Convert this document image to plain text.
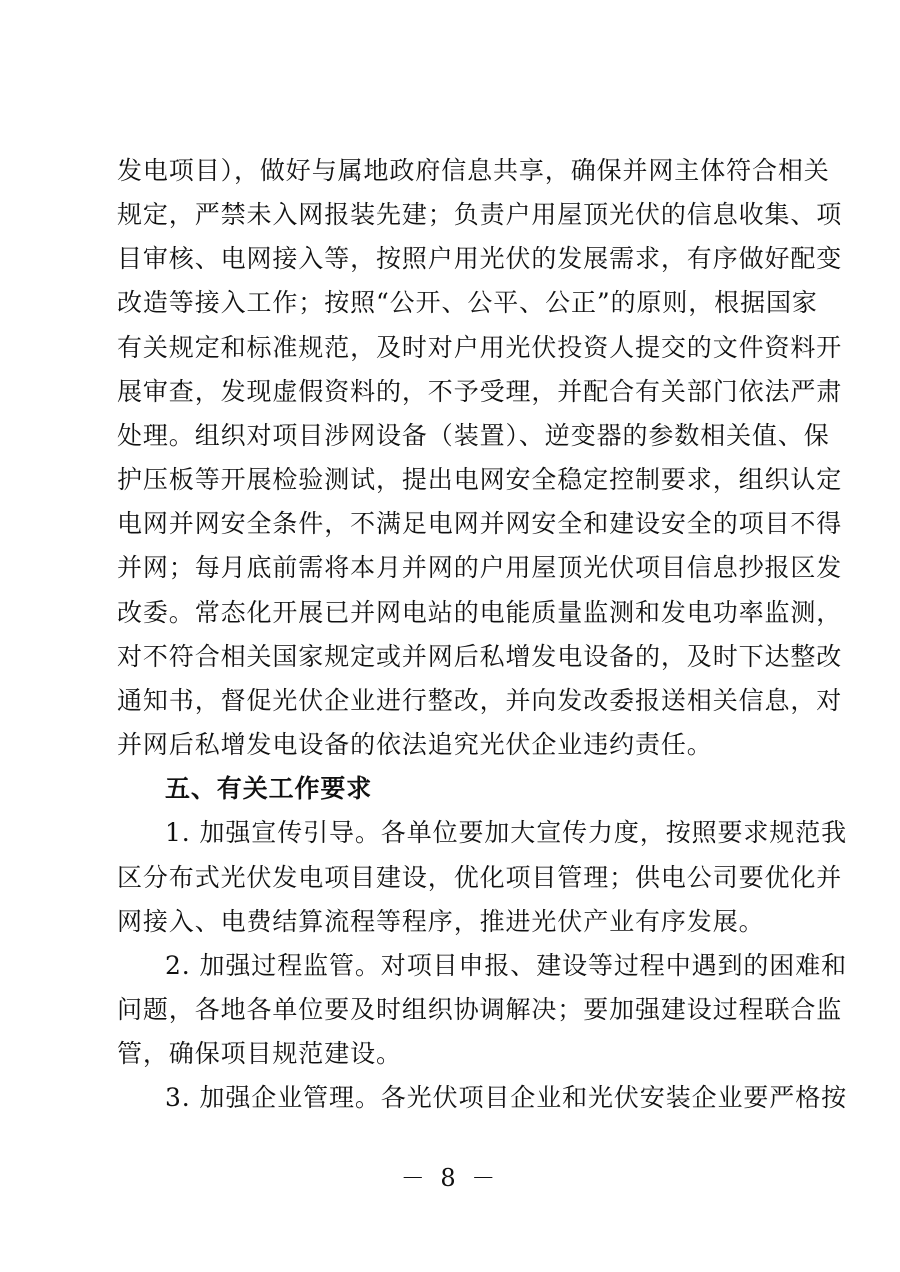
发电项目），做好与属地政府信息共享，确保并网主体符合相关
规定，严禁未入网报装先建；负责户用屋顶光伏的信息收集、项
目审核、电网接入等，按照户用光伏的发展需求，有序做好配变
改造等接入工作；按照“公开、公平、公正”的原则，根据国家
有关规定和标准规范，及时对户用光伏投资人提交的文件资料开
展审查，发现虚假资料的，不予受理，并配合有关部门依法严肃
处理。组织对项目涉网设备（装置）、逆变器的参数相关值、保
护压板等开展检验测试，提出电网安全稳定控制要求，组织认定
电网并网安全条件，不满足电网并网安全和建设安全的项目不得
并网；每月底前需将本月并网的户用屋顶光伏项目信息抄报区发
改委。常态化开展已并网电站的电能质量监测和发电功率监测，
对不符合相关国家规定或并网后私增发电设备的，及时下达整改
通知书，督促光伏企业进行整改，并向发改委报送相关信息，对
并网后私增发电设备的依法追究光伏企业违约责任。
五、有关工作要求
1. 加强宣传引导。各单位要加大宣传力度，按照要求规范我
区分布式光伏发电项目建设，优化项目管理；供电公司要优化并
网接入、电费结算流程等程序，推进光伏产业有序发展。
2. 加强过程监管。对项目申报、建设等过程中遇到的困难和
问题，各地各单位要及时组织协调解决；要加强建设过程联合监
管，确保项目规范建设。
3. 加强企业管理。各光伏项目企业和光伏安装企业要严格按
－ 8 －
